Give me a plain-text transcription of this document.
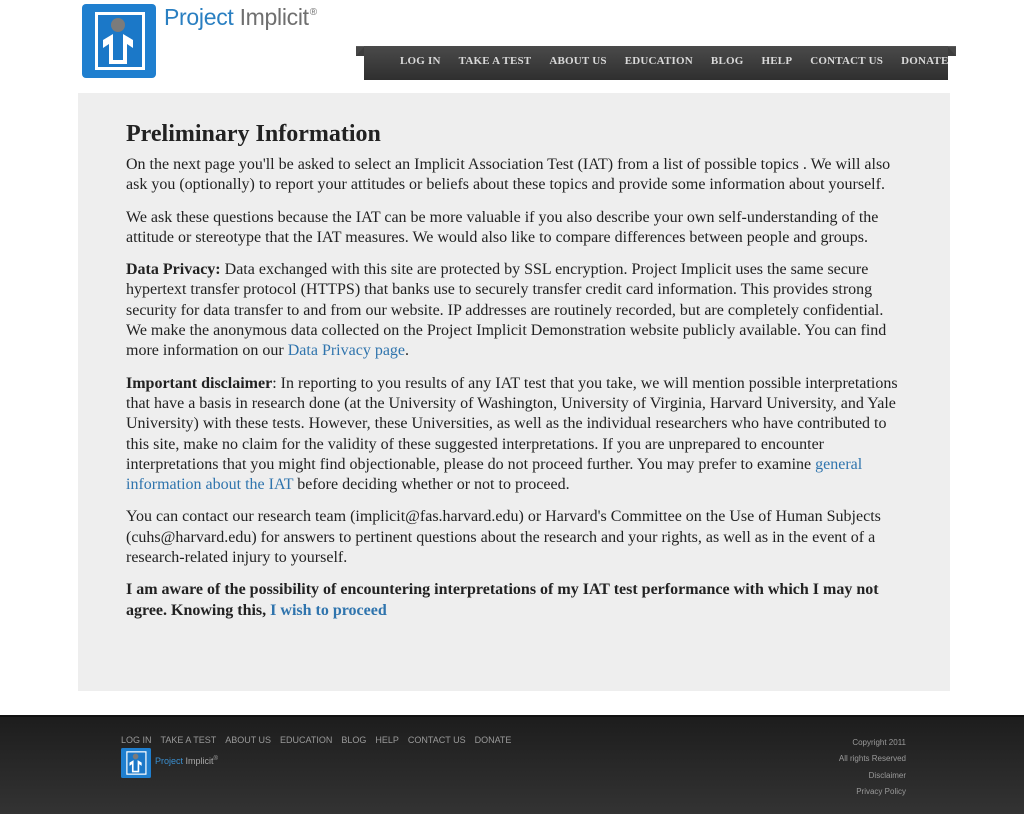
Project Implicit®
LOG IN	TAKE A TEST	ABOUT US	EDUCATION	BLOG	HELP	CONTACT US	DONATE
Preliminary Information

On the next page you'll be asked to select an Implicit Association Test (IAT) from a list of possible topics . We will also ask you (optionally) to report your attitudes or beliefs about these topics and provide some information about yourself.

We ask these questions because the IAT can be more valuable if you also describe your own self-understanding of the attitude or stereotype that the IAT measures. We would also like to compare differences between people and groups.

Data Privacy: Data exchanged with this site are protected by SSL encryption. Project Implicit uses the same secure hypertext transfer protocol (HTTPS) that banks use to securely transfer credit card information. This provides strong security for data transfer to and from our website. IP addresses are routinely recorded, but are completely confidential. We make the anonymous data collected on the Project Implicit Demonstration website publicly available. You can find more information on our Data Privacy page.

Important disclaimer: In reporting to you results of any IAT test that you take, we will mention possible interpretations that have a basis in research done (at the University of Washington, University of Virginia, Harvard University, and Yale University) with these tests. However, these Universities, as well as the individual researchers who have contributed to this site, make no claim for the validity of these suggested interpretations. If you are unprepared to encounter interpretations that you might find objectionable, please do not proceed further. You may prefer to examine general information about the IAT before deciding whether or not to proceed.

You can contact our research team (implicit@fas.harvard.edu) or Harvard's Committee on the Use of Human Subjects (cuhs@harvard.edu) for answers to pertinent questions about the research and your rights, as well as in the event of a research-related injury to yourself.

I am aware of the possibility of encountering interpretations of my IAT test performance with which I may not agree. Knowing this, I wish to proceed

LOG IN TAKE A TEST ABOUT US EDUCATION BLOG HELP CONTACT US DONATE
Project Implicit®
Copyright 2011
All rights Reserved
Disclaimer
Privacy Policy
